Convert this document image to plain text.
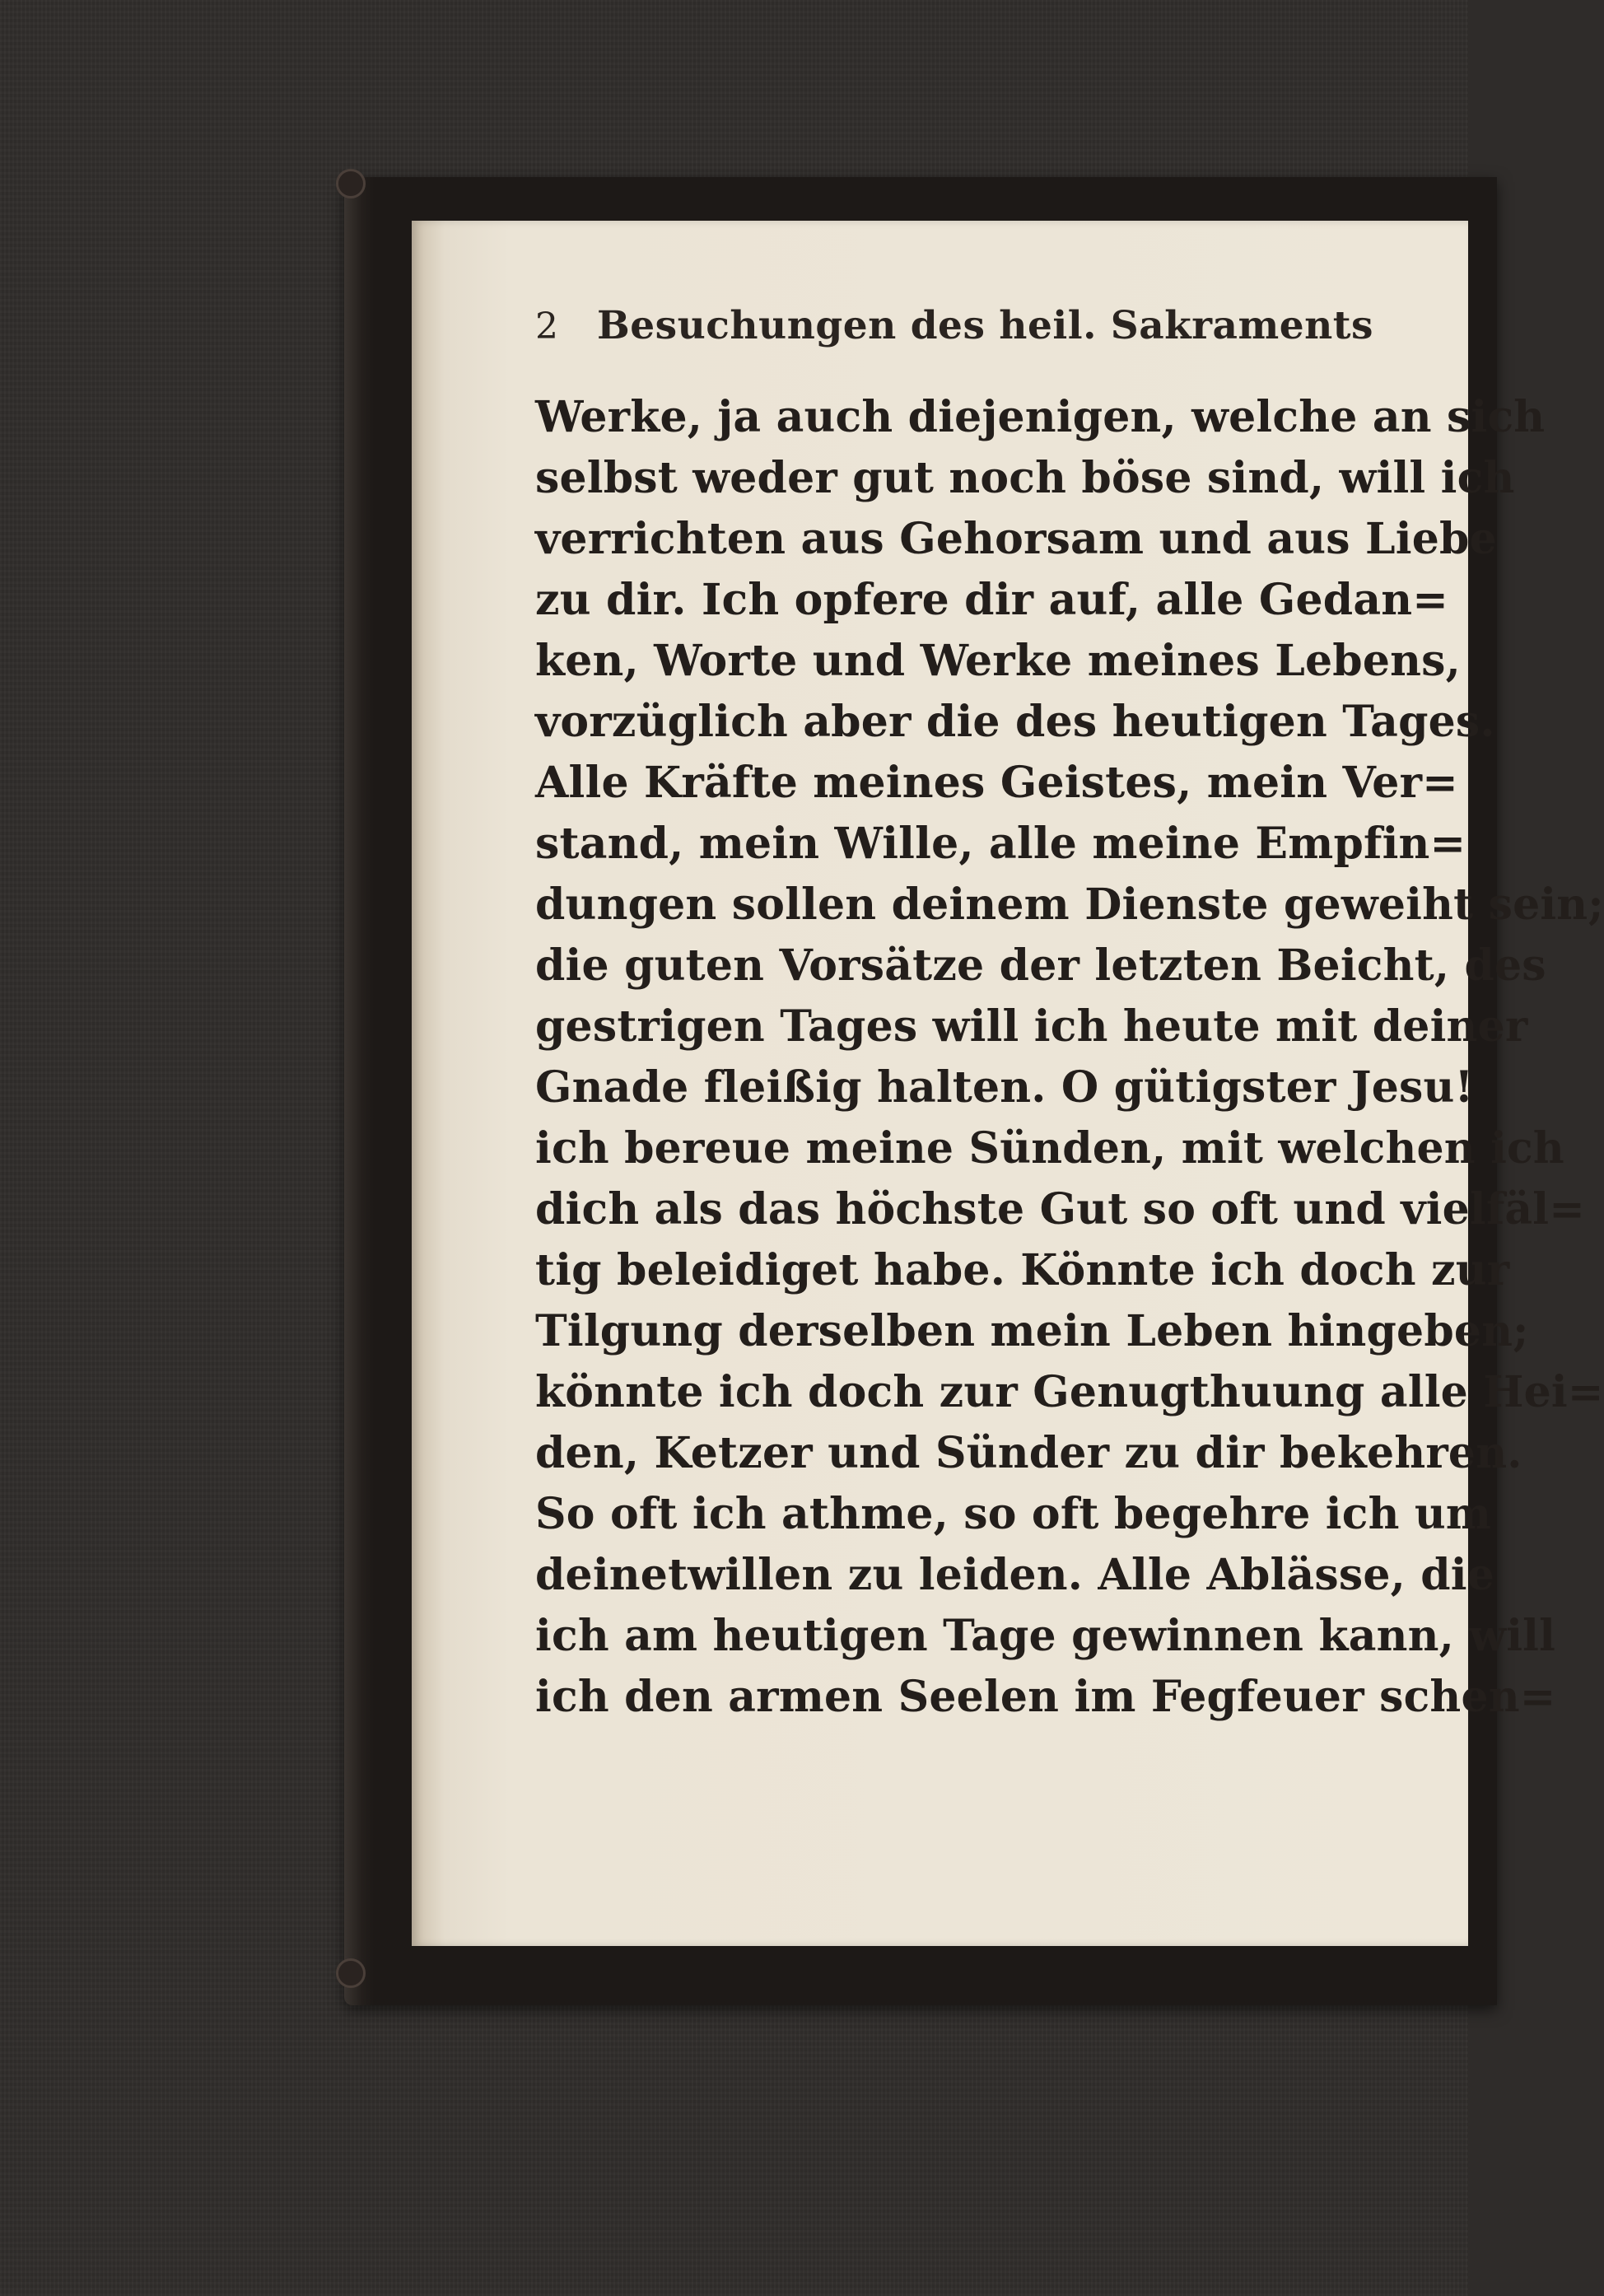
2	Besuchungen des heil. Sakraments
Werke, ja auch diejenigen, welche an sich
selbst weder gut noch böse sind, will ich
verrichten aus Gehorsam und aus Liebe
zu dir. Ich opfere dir auf, alle Gedan=
ken, Worte und Werke meines Lebens,
vorzüglich aber die des heutigen Tages.
Alle Kräfte meines Geistes, mein Ver=
stand, mein Wille, alle meine Empfin=
dungen sollen deinem Dienste geweiht sein;
die guten Vorsätze der letzten Beicht, des
gestrigen Tages will ich heute mit deiner
Gnade fleißig halten. O gütigster Jesu!
ich bereue meine Sünden, mit welchen ich
dich als das höchste Gut so oft und vielfäl=
tig beleidiget habe. Könnte ich doch zur
Tilgung derselben mein Leben hingeben;
könnte ich doch zur Genugthuung alle Hei=
den, Ketzer und Sünder zu dir bekehren.
So oft ich athme, so oft begehre ich um
deinetwillen zu leiden. Alle Ablässe, die
ich am heutigen Tage gewinnen kann, will
ich den armen Seelen im Fegfeuer schen=
